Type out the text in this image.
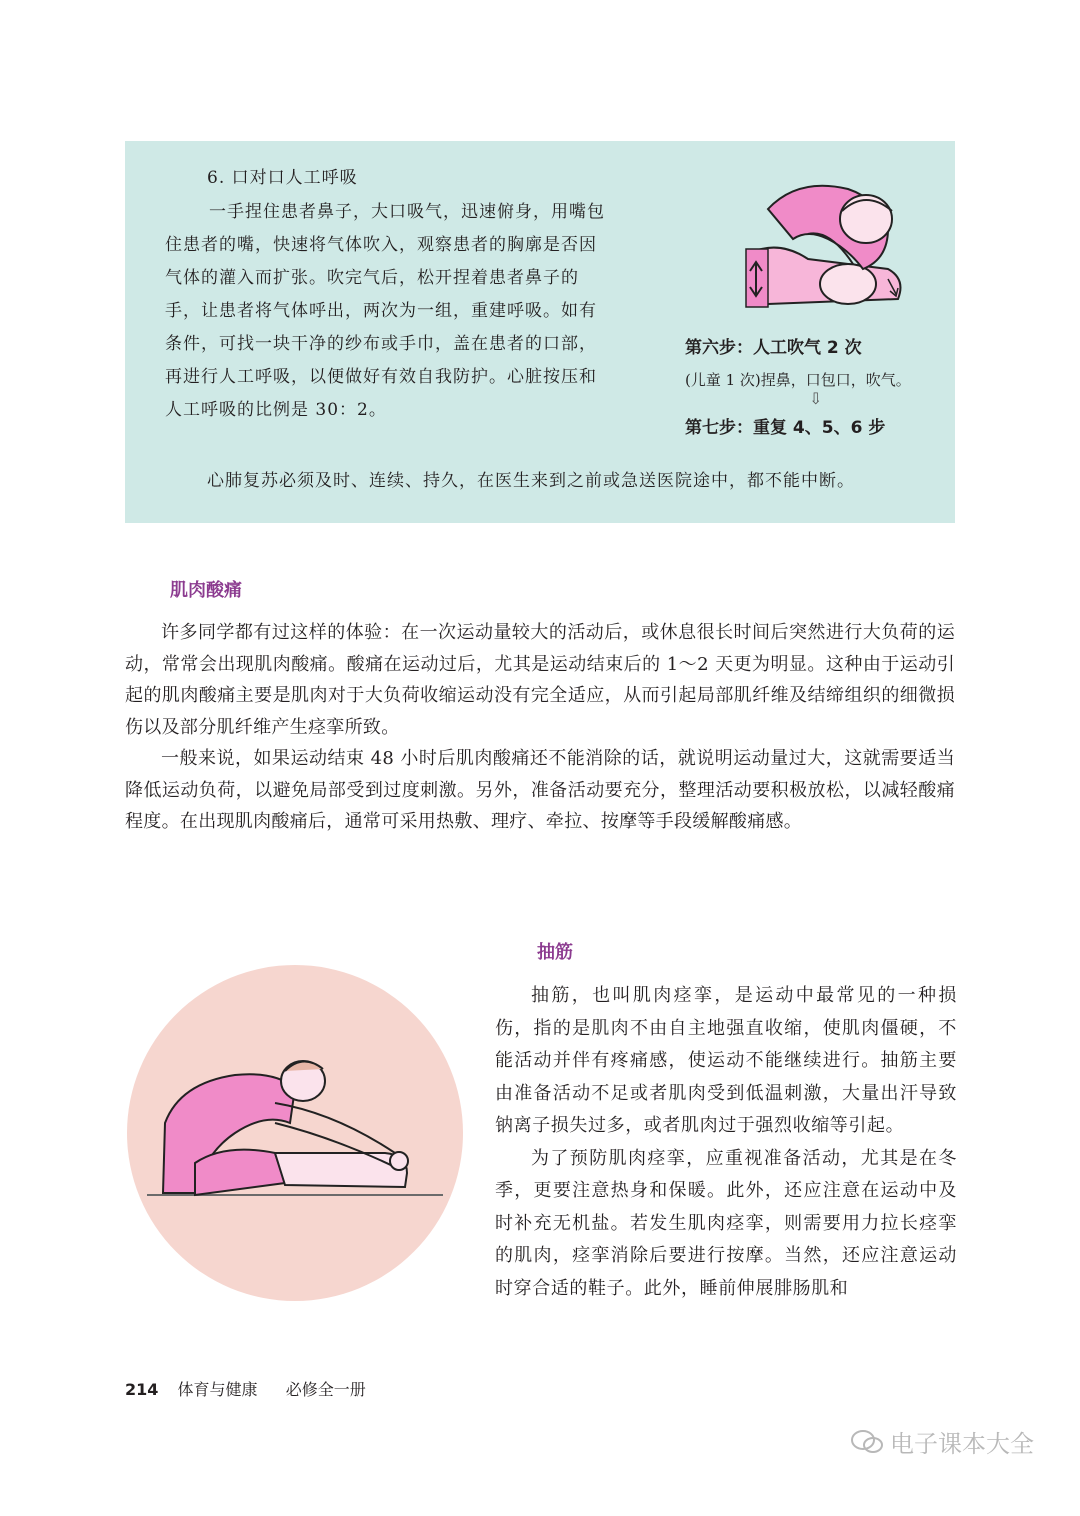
6. 口对口人工呼吸

一手捏住患者鼻子，大口吸气，迅速俯身，用嘴包住患者的嘴，快速将气体吹入，观察患者的胸廓是否因气体的灌入而扩张。吹完气后，松开捏着患者鼻子的手，让患者将气体呼出，两次为一组，重建呼吸。如有条件，可找一块干净的纱布或手巾，盖在患者的口部，再进行人工呼吸，以便做好有效自我防护。心脏按压和人工呼吸的比例是 30：2。

第六步：人工吹气 2 次
(儿童 1 次)捏鼻，口包口，吹气。
⇩
第七步：重复 4、5、6 步
心肺复苏必须及时、连续、持久，在医生来到之前或急送医院途中，都不能中断。
肌肉酸痛

许多同学都有过这样的体验：在一次运动量较大的活动后，或休息很长时间后突然进行大负荷的运动，常常会出现肌肉酸痛。酸痛在运动过后，尤其是运动结束后的 1～2 天更为明显。这种由于运动引起的肌肉酸痛主要是肌肉对于大负荷收缩运动没有完全适应，从而引起局部肌纤维及结缔组织的细微损伤以及部分肌纤维产生痉挛所致。

一般来说，如果运动结束 48 小时后肌肉酸痛还不能消除的话，就说明运动量过大，这就需要适当降低运动负荷，以避免局部受到过度刺激。另外，准备活动要充分，整理活动要积极放松，以减轻酸痛程度。在出现肌肉酸痛后，通常可采用热敷、理疗、牵拉、按摩等手段缓解酸痛感。

抽筋

抽筋，也叫肌肉痉挛，是运动中最常见的一种损伤，指的是肌肉不由自主地强直收缩，使肌肉僵硬，不能活动并伴有疼痛感，使运动不能继续进行。抽筋主要由准备活动不足或者肌肉受到低温刺激，大量出汗导致钠离子损失过多，或者肌肉过于强烈收缩等引起。

为了预防肌肉痉挛，应重视准备活动，尤其是在冬季，更要注意热身和保暖。此外，还应注意在运动中及时补充无机盐。若发生肌肉痉挛，则需要用力拉长痉挛的肌肉，痉挛消除后要进行按摩。当然，还应注意运动时穿合适的鞋子。此外，睡前伸展腓肠肌和

214 体育与健康 必修全一册
电子课本大全
